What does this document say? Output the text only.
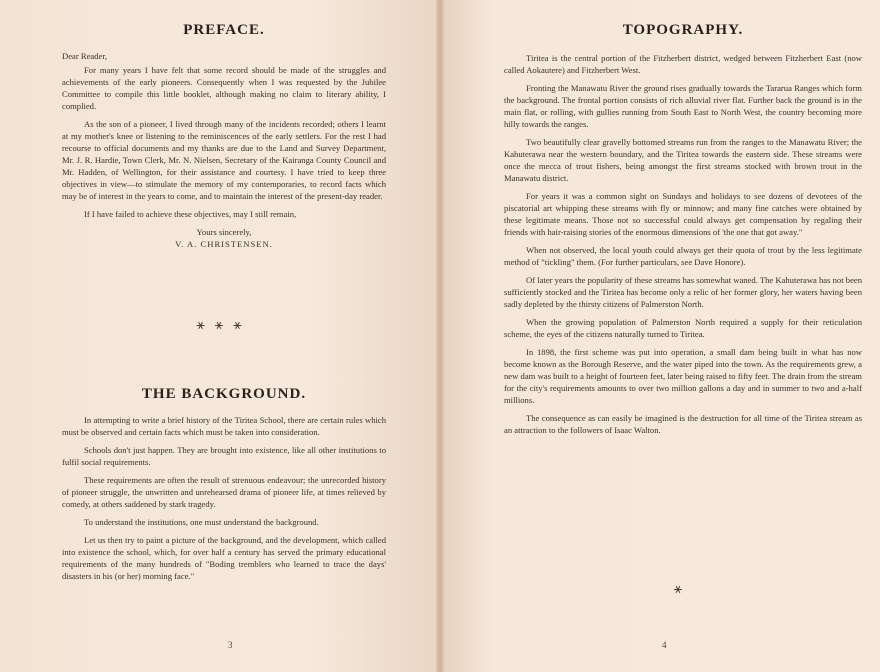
PREFACE.

Dear Reader,

For many years I have felt that some record should be made of the struggles and achievements of the early pioneers. Consequently when I was requested by the Jubilee Committee to compile this little booklet, although making no claim to literary ability, I complied.

As the son of a pioneer, I lived through many of the incidents recorded; others I learnt at my mother's knee or listening to the reminiscences of the early settlers. For the rest I had recourse to official documents and my thanks are due to the Land and Survey Department, Mr. J. R. Hardie, Town Clerk, Mr. N. Nielsen, Secretary of the Kairanga County Council and Mr. Hadden, of Wellington, for their assistance and courtesy. I have tried to keep three objectives in view—to stimulate the memory of my contemporaries, to record facts which may be of interest in the years to come, and to maintain the interest of the present-day reader.

If I have failed to achieve these objectives, may I still remain,

Yours sincerely,

V. A. CHRISTENSEN.

⚹⚹⚹
THE BACKGROUND.

In attempting to write a brief history of the Tiritea School, there are certain rules which must be observed and certain facts which must be taken into consideration.

Schools don't just happen. They are brought into existence, like all other institutions to fulfil social requirements.

These requirements are often the result of strenuous endeavour; the unrecorded history of pioneer struggle, the unwritten and unrehearsed drama of pioneer life, at times relieved by comedy, at others saddened by stark tragedy.

To understand the institutions, one must understand the background.

Let us then try to paint a picture of the background, and the development, which called into existence the school, which, for over half a century has served the primary educational requirements of the many hundreds of "Boding tremblers who learned to trace the days' disasters in his (or her) morning face."

3
TOPOGRAPHY.

Tiritea is the central portion of the Fitzherbert district, wedged between Fitzherbert East (now called Aokautere) and Fitzherbert West.

Fronting the Manawatu River the ground rises gradually towards the Tararua Ranges which form the background. The frontal portion consists of rich alluvial river flat. Further back the ground is in the main flat, or rolling, with gullies running from South East to North West, the country becoming more hilly towards the ranges.

Two beautifully clear gravelly bottomed streams run from the ranges to the Manawatu River; the Kahuterawa near the western boundary, and the Tiritea towards the eastern side. These streams were once the mecca of trout fishers, being amongst the first streams stocked with brown trout in the Manawatu district.

For years it was a common sight on Sundays and holidays to see dozens of devotees of the piscatorial art whipping these streams with fly or minnow; and many fine catches were obtained by these legitimate means. Those not so successful could always get compensation by regaling their friends with hair-raising stories of the enormous dimensions of 'the one that got away."

When not observed, the local youth could always get their quota of trout by the less legitimate method of "tickling" them. (For further particulars, see Dave Honore).

Of later years the popularity of these streams has somewhat waned. The Kahuterawa has not been sufficiently stocked and the Tiritea has become only a relic of her former glory, her waters having been sadly depleted by the thirsty citizens of Palmerston North.

When the growing population of Palmerston North required a supply for their reticulation scheme, the eyes of the citizens naturally turned to Tiritea.

In 1898, the first scheme was put into operation, a small dam being built in what has now become known as the Borough Reserve, and the water piped into the town. As the requirements grew, a new dam was built to a height of fourteen feet, later being raised to fifty feet. The drain from the stream for the city's requirements amounts to over two million gallons a day and in summer to two and a-half millions.

The consequence as can easily be imagined is the destruction for all time of the Tiritea stream as an attraction to the followers of Isaac Walton.

⚹
4
